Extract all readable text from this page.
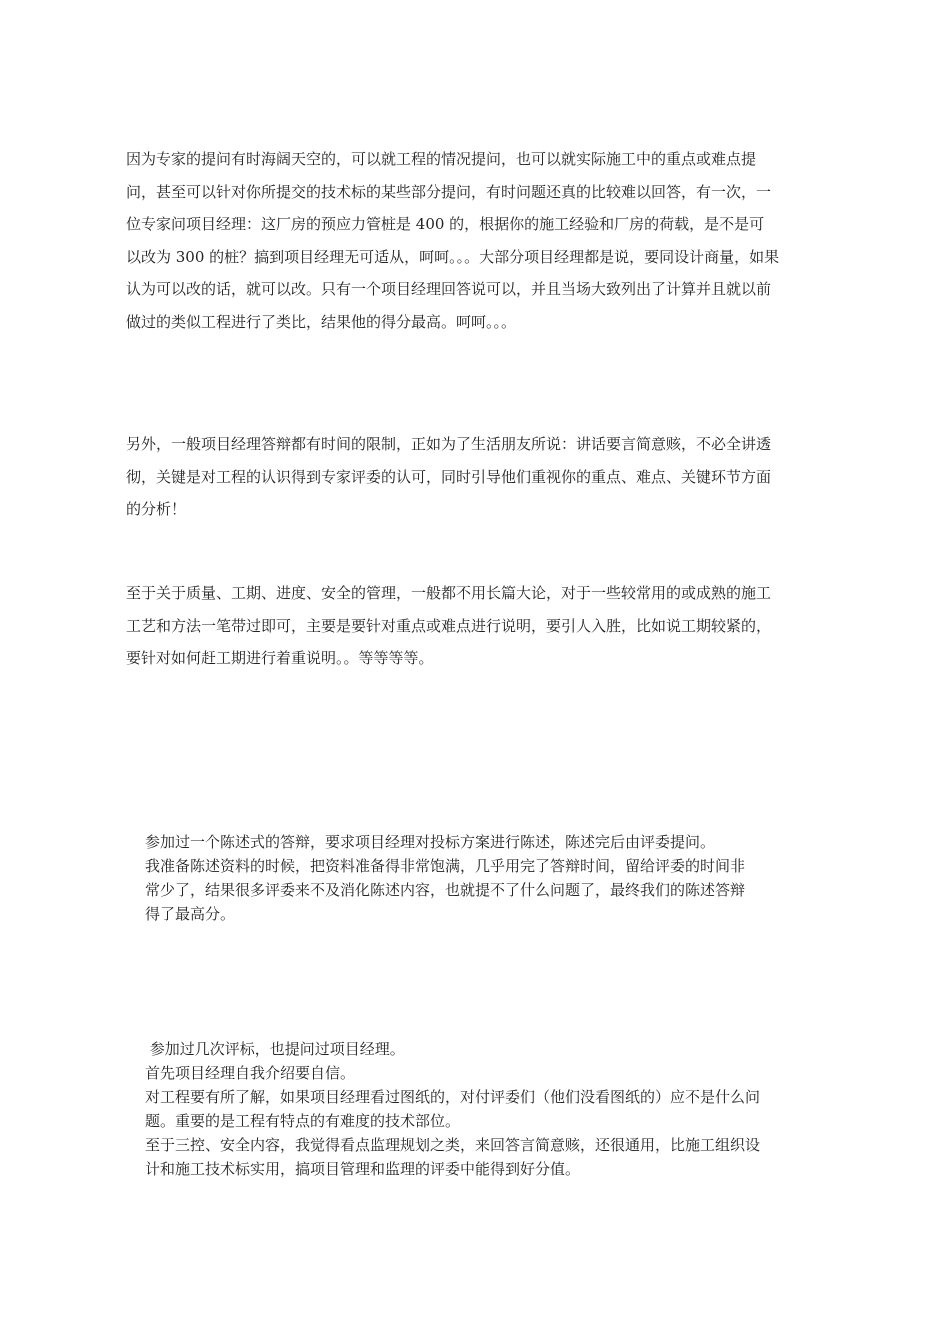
因为专家的提问有时海阔天空的，可以就工程的情况提问，也可以就实际施工中的重点或难点提
问，甚至可以针对你所提交的技术标的某些部分提问，有时问题还真的比较难以回答，有一次，一
位专家问项目经理：这厂房的预应力管桩是 400 的，根据你的施工经验和厂房的荷载，是不是可
以改为 300 的桩？搞到项目经理无可适从，呵呵。。。大部分项目经理都是说，要同设计商量，如果
认为可以改的话，就可以改。只有一个项目经理回答说可以，并且当场大致列出了计算并且就以前
做过的类似工程进行了类比，结果他的得分最高。呵呵。。。
另外，一般项目经理答辩都有时间的限制，正如为了生活朋友所说：讲话要言简意赅，不必全讲透
彻，关键是对工程的认识得到专家评委的认可，同时引导他们重视你的重点、难点、关键环节方面
的分析！
至于关于质量、工期、进度、安全的管理，一般都不用长篇大论，对于一些较常用的或成熟的施工
工艺和方法一笔带过即可，主要是要针对重点或难点进行说明，要引人入胜，比如说工期较紧的，
要针对如何赶工期进行着重说明。。等等等等。
参加过一个陈述式的答辩，要求项目经理对投标方案进行陈述，陈述完后由评委提问。
我准备陈述资料的时候，把资料准备得非常饱满，几乎用完了答辩时间，留给评委的时间非
常少了，结果很多评委来不及消化陈述内容，也就提不了什么问题了，最终我们的陈述答辩
得了最高分。
参加过几次评标，也提问过项目经理。
首先项目经理自我介绍要自信。
对工程要有所了解，如果项目经理看过图纸的，对付评委们（他们没看图纸的）应不是什么问
题。重要的是工程有特点的有难度的技术部位。
至于三控、安全内容，我觉得看点监理规划之类，来回答言简意赅，还很通用，比施工组织设
计和施工技术标实用，搞项目管理和监理的评委中能得到好分值。
